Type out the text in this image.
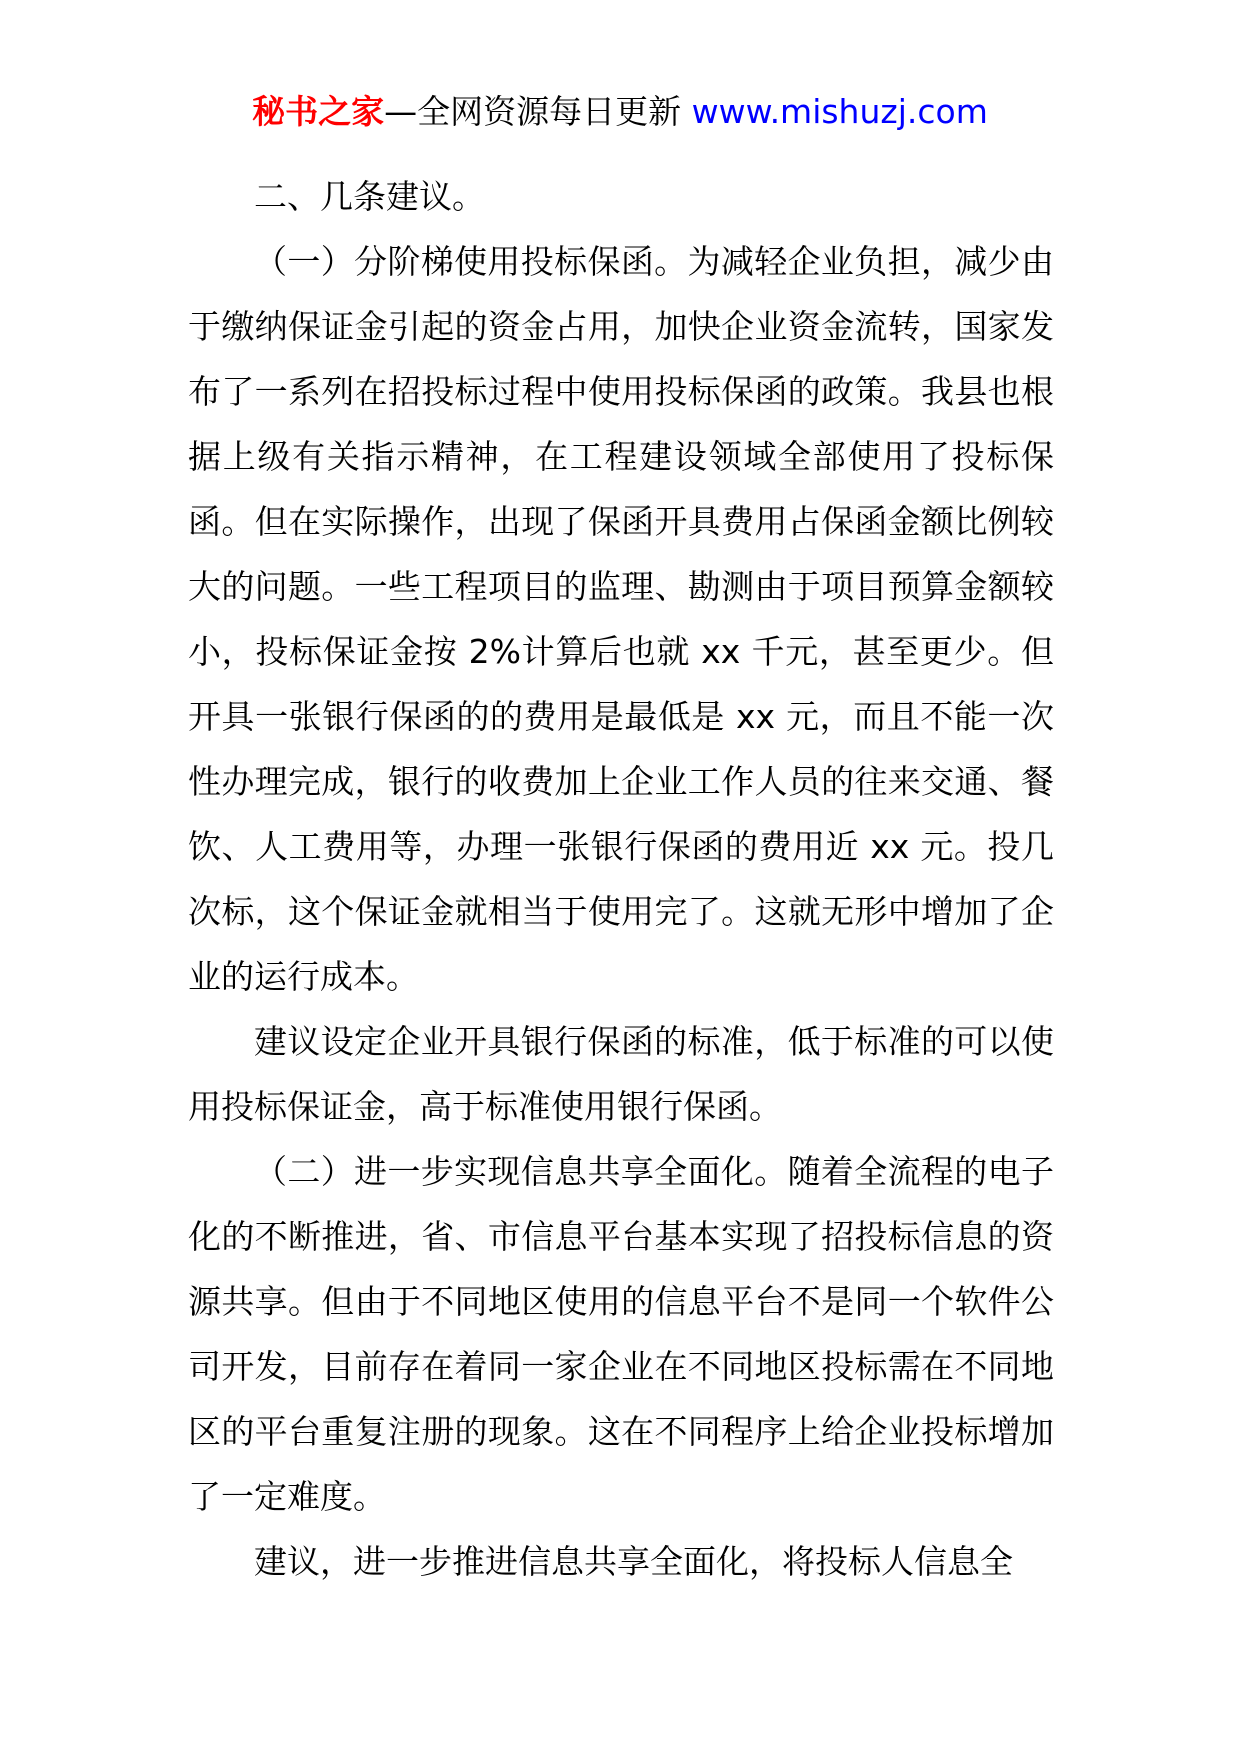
秘书之家—全网资源每日更新 www.mishuzj.com

二、几条建议。

（一）分阶梯使用投标保函。为减轻企业负担，减少由于缴纳保证金引起的资金占用，加快企业资金流转，国家发布了一系列在招投标过程中使用投标保函的政策。我县也根据上级有关指示精神，在工程建设领域全部使用了投标保函。但在实际操作，出现了保函开具费用占保函金额比例较大的问题。一些工程项目的监理、勘测由于项目预算金额较小，投标保证金按 2%计算后也就 xx 千元，甚至更少。但开具一张银行保函的的费用是最低是 xx 元，而且不能一次性办理完成，银行的收费加上企业工作人员的往来交通、餐饮、人工费用等，办理一张银行保函的费用近 xx 元。投几次标，这个保证金就相当于使用完了。这就无形中增加了企业的运行成本。

建议设定企业开具银行保函的标准，低于标准的可以使用投标保证金，高于标准使用银行保函。

（二）进一步实现信息共享全面化。随着全流程的电子化的不断推进，省、市信息平台基本实现了招投标信息的资源共享。但由于不同地区使用的信息平台不是同一个软件公司开发，目前存在着同一家企业在不同地区投标需在不同地区的平台重复注册的现象。这在不同程序上给企业投标增加了一定难度。

建议，进一步推进信息共享全面化，将投标人信息全
